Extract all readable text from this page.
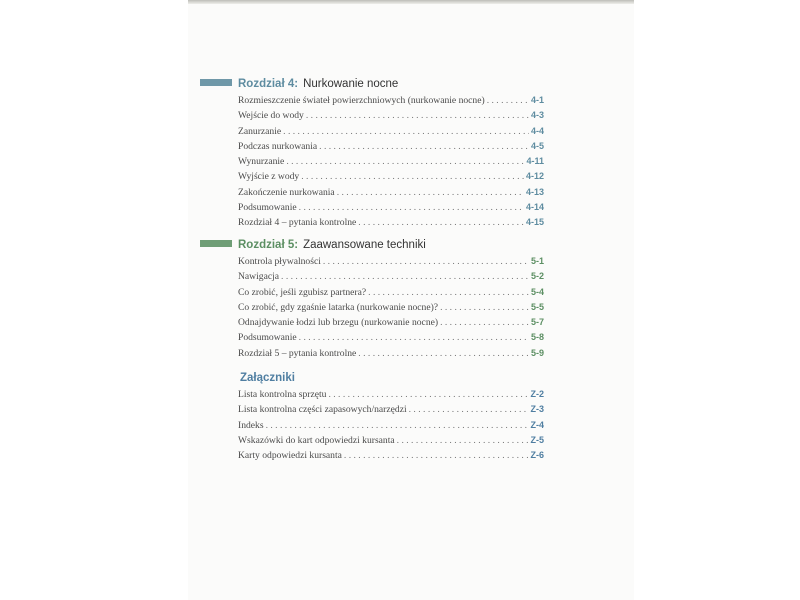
Rozdział 4: Nurkowanie nocne
Rozmieszczenie świateł powierzchniowych (nurkowanie nocne) . . .	4-1
Wejście do wody . . .	4-3
Zanurzanie . . .	4-4
Podczas nurkowania . . .	4-5
Wynurzanie . . .	4-11
Wyjście z wody . . .	4-12
Zakończenie nurkowania . . .	4-13
Podsumowanie . . .	4-14
Rozdział 4 – pytania kontrolne . . .	4-15
Rozdział 5: Zaawansowane techniki
Kontrola pływalności . . .	5-1
Nawigacja . . .	5-2
Co zrobić, jeśli zgubisz partnera? . . .	5-4
Co zrobić, gdy zgaśnie latarka (nurkowanie nocne)? . . .	5-5
Odnajdywanie łodzi lub brzegu (nurkowanie nocne) . . .	5-7
Podsumowanie . . .	5-8
Rozdział 5 – pytania kontrolne . . .	5-9
Załączniki
Lista kontrolna sprzętu . . .	Z-2
Lista kontrolna części zapasowych/narzędzi . . .	Z-3
Indeks . . .	Z-4
Wskazówki do kart odpowiedzi kursanta . . .	Z-5
Karty odpowiedzi kursanta . . .	Z-6
